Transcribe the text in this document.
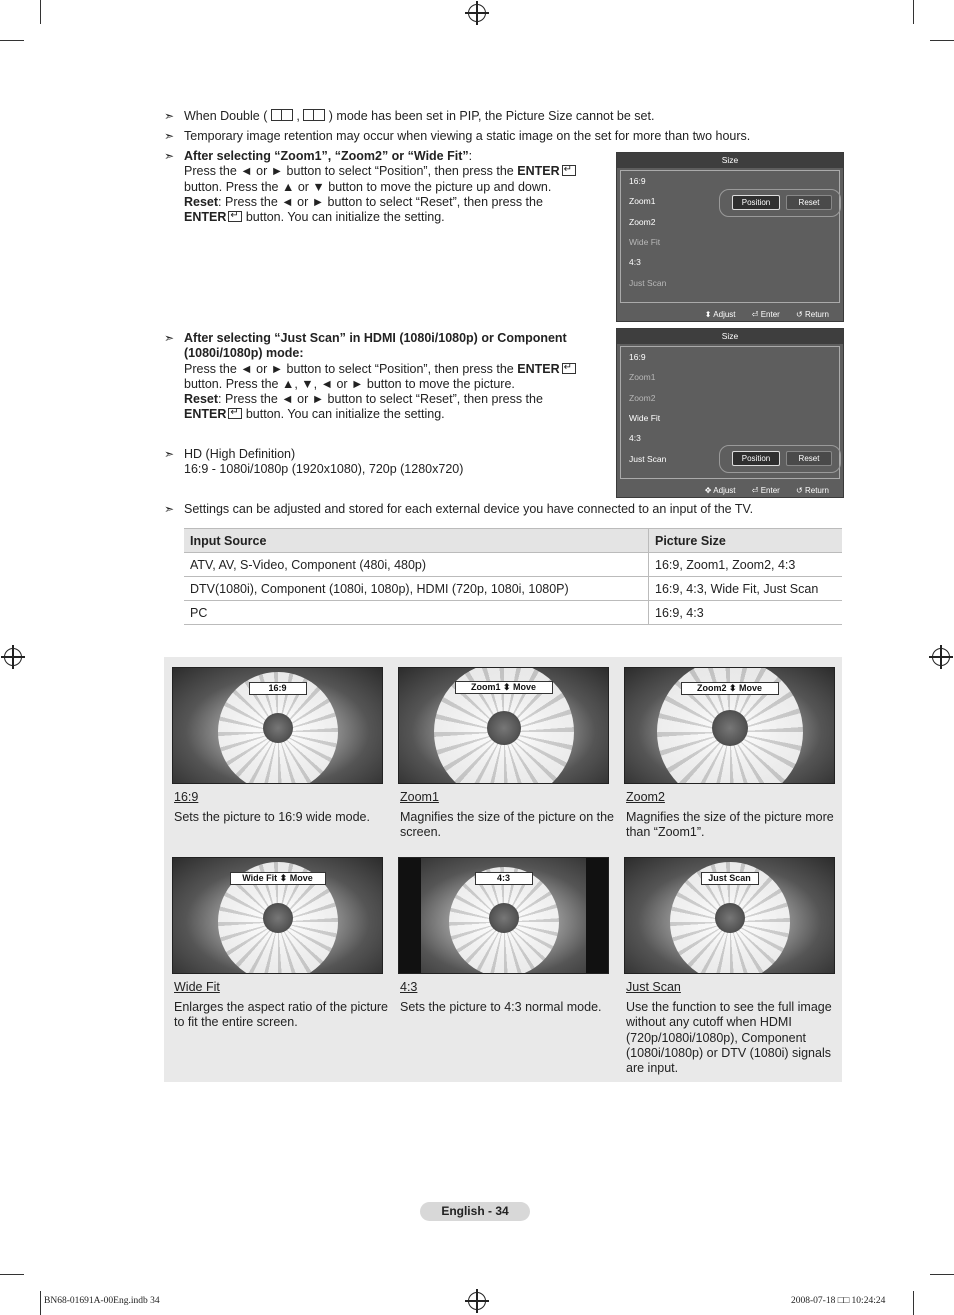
➣ When Double ( , ) mode has been set in PIP, the Picture Size cannot be set.
➣ Temporary image retention may occur when viewing a static image on the set for more than two hours.
➣ After selecting “Zoom1”, “Zoom2” or “Wide Fit”:
Press the ◄ or ► button to select “Position”, then press the ENTER↵
button. Press the ▲ or ▼ button to move the picture up and down.
Reset: Press the ◄ or ► button to select “Reset”, then press the
ENTER ↵ button. You can initialize the setting.
Size
16:9
Zoom1
Zoom2
Wide Fit
4:3
Just Scan
Position	Reset
⬍ Adjust ⏎ Enter ↺ Return
➣ After selecting “Just Scan” in HDMI (1080i/1080p) or Component
(1080i/1080p) mode:
Press the ◄ or ► button to select “Position”, then press the ENTER↵
button. Press the ▲, ▼, ◄ or ► button to move the picture.
Reset: Press the ◄ or ► button to select “Reset”, then press the
ENTER ↵ button. You can initialize the setting.
➣ HD (High Definition)
16:9 - 1080i/1080p (1920x1080), 720p (1280x720)
Size
16:9
Zoom1
Zoom2
Wide Fit
4:3
Just Scan	Position	Reset
✥ Adjust ⏎ Enter ↺ Return
➣ Settings can be adjusted and stored for each external device you have connected to an input of the TV.
Input Source	Picture Size
ATV, AV, S-Video, Component (480i, 480p)	16:9, Zoom1, Zoom2, 4:3
DTV(1080i), Component (1080i, 1080p), HDMI (720p, 1080i, 1080P)	16:9, 4:3, Wide Fit, Just Scan
PC	16:9, 4:3
16:9
16:9
Sets the picture to 16:9 wide mode.
Zoom1 ⬍ Move
Zoom1
Magnifies the size of the picture on the screen.
Zoom2 ⬍ Move
Zoom2
Magnifies the size of the picture more than “Zoom1”.
Wide Fit ⬍ Move
Wide Fit
Enlarges the aspect ratio of the picture to fit the entire screen.
4:3
4:3
Sets the picture to 4:3 normal mode.
Just Scan
Just Scan
Use the function to see the full image without any cutoff when HDMI (720p/1080i/1080p), Component (1080i/1080p) or DTV (1080i) signals are input.
English - 34
BN68-01691A-00Eng.indb 34	2008-07-18 □□ 10:24:24
